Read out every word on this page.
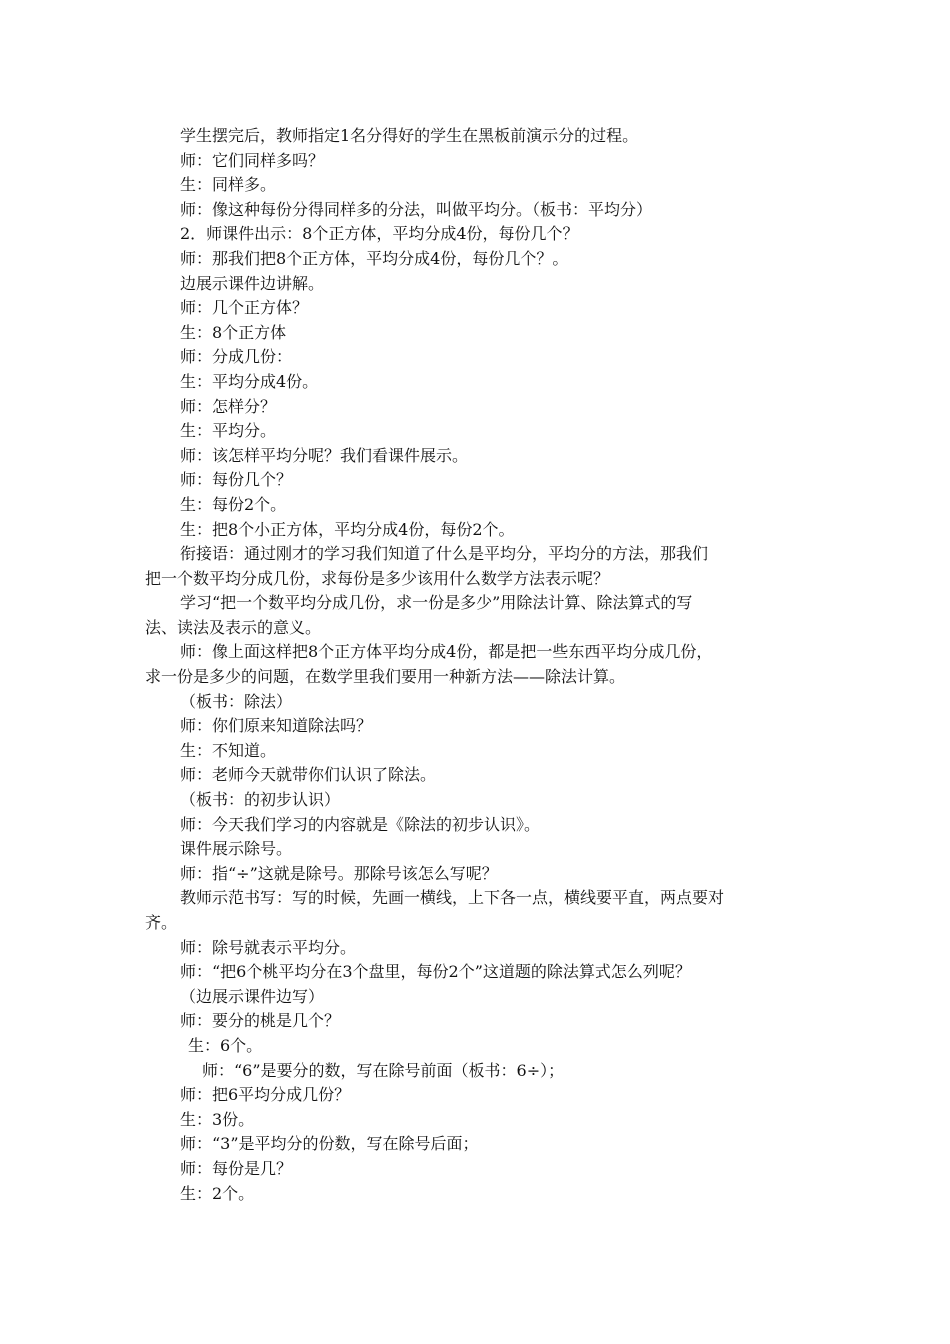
学生摆完后，教师指定1名分得好的学生在黑板前演示分的过程。
师：它们同样多吗？
生：同样多。
师：像这种每份分得同样多的分法，叫做平均分。（板书：平均分）
2．师课件出示：8个正方体，平均分成4份，每份几个？
师：那我们把8个正方体，平均分成4份，每份几个？。
边展示课件边讲解。
师：几个正方体？
生：8个正方体
师：分成几份：
生：平均分成4份。
师：怎样分？
生：平均分。
师：该怎样平均分呢？我们看课件展示。
师：每份几个？
生：每份2个。
生：把8个小正方体，平均分成4份，每份2个。
衔接语：通过刚才的学习我们知道了什么是平均分，平均分的方法，那我们
把一个数平均分成几份，求每份是多少该用什么数学方法表示呢？
学习“把一个数平均分成几份，求一份是多少”用除法计算、除法算式的写
法、读法及表示的意义。
师：像上面这样把8个正方体平均分成4份，都是把一些东西平均分成几份，
求一份是多少的问题，在数学里我们要用一种新方法——除法计算。
（板书：除法）
师：你们原来知道除法吗？
生：不知道。
师：老师今天就带你们认识了除法。
（板书：的初步认识）
师：今天我们学习的内容就是《除法的初步认识》。
课件展示除号。
师：指“÷”这就是除号。那除号该怎么写呢？
教师示范书写：写的时候，先画一横线，上下各一点，横线要平直，两点要对
齐。
师：除号就表示平均分。
师：“把6个桃平均分在3个盘里，每份2个”这道题的除法算式怎么列呢？
（边展示课件边写）
师：要分的桃是几个？
生：6个。
师：“6”是要分的数，写在除号前面（板书：6÷）；
师：把6平均分成几份？
生：3份。
师：“3”是平均分的份数，写在除号后面；
师：每份是几？
生：2个。
